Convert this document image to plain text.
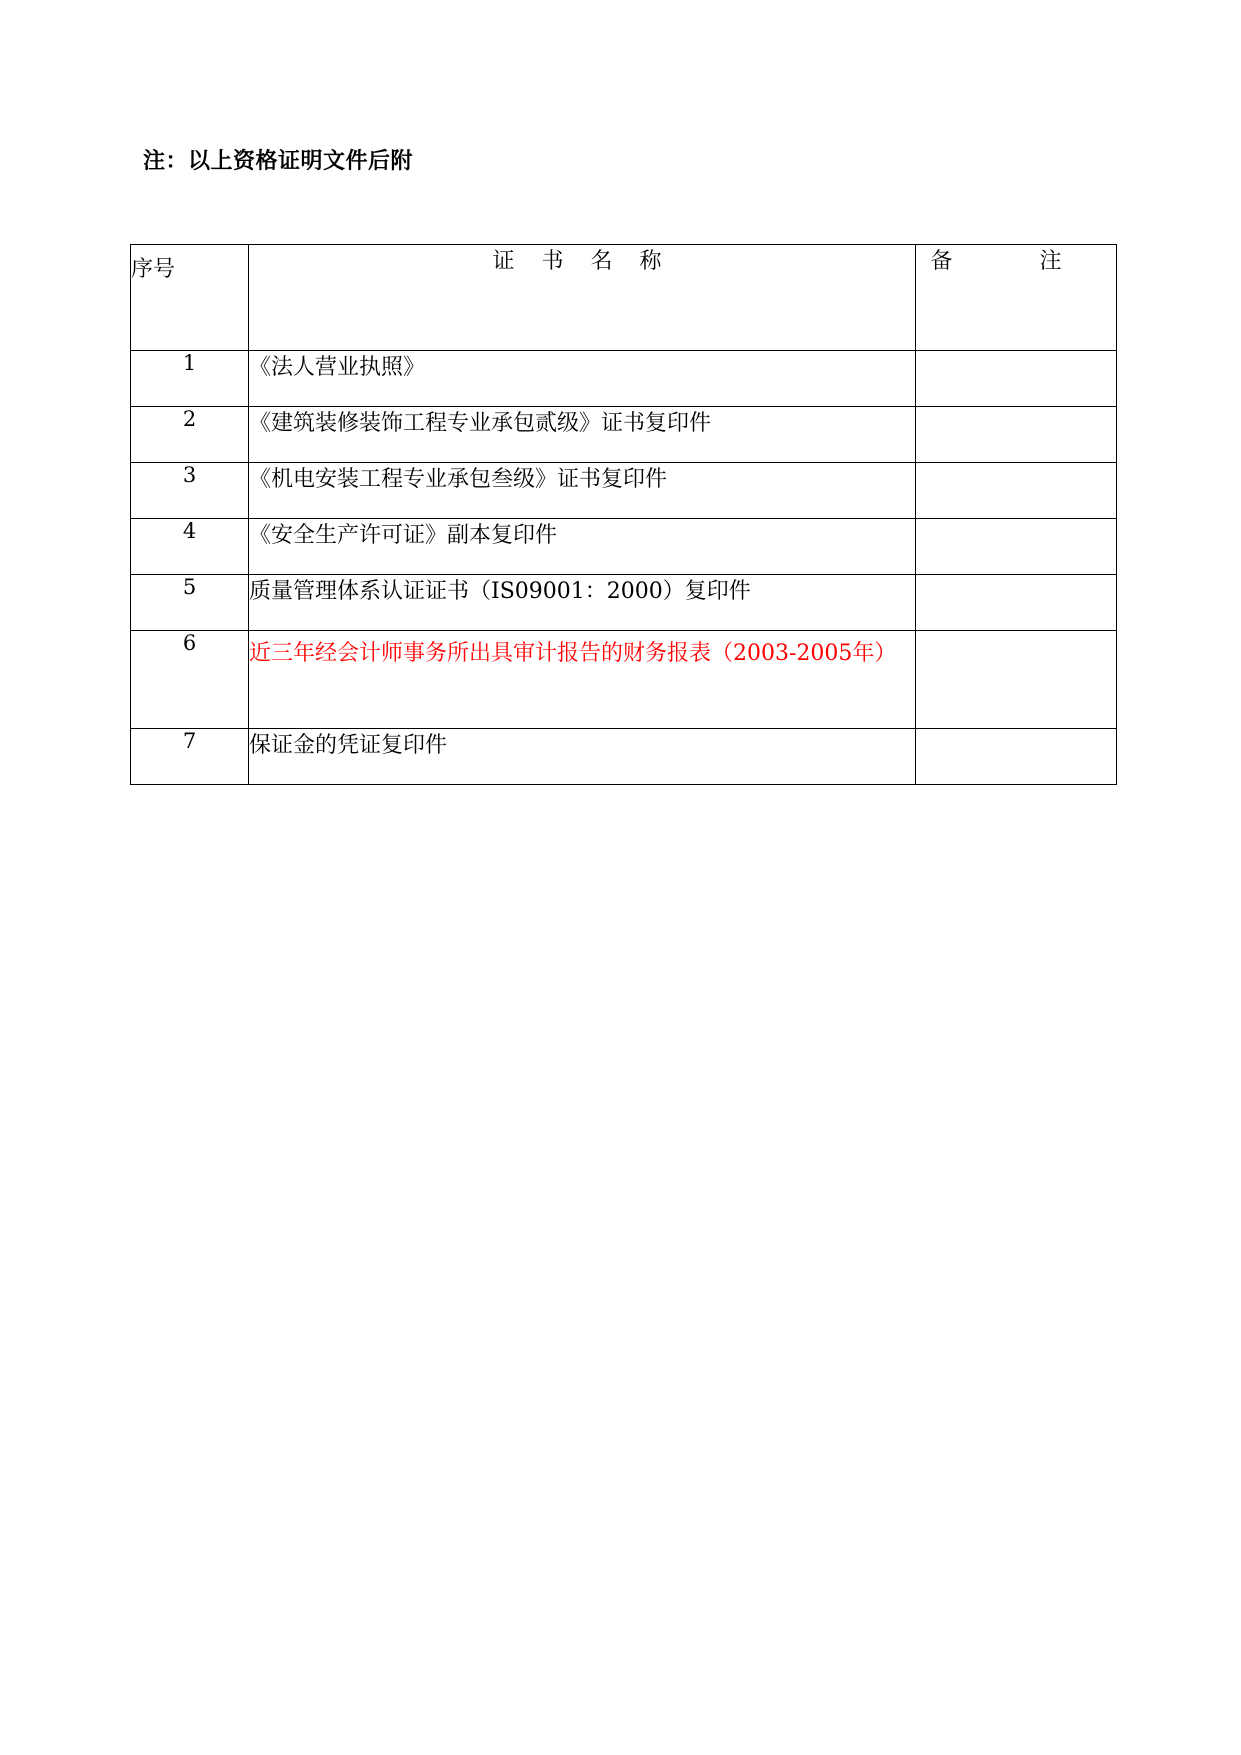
注：以上资格证明文件后附
序号	证 书 名 称	备 注
1	《法人营业执照》	
2	《建筑装修装饰工程专业承包贰级》证书复印件	
3	《机电安装工程专业承包叁级》证书复印件	
4	《安全生产许可证》副本复印件	
5	质量管理体系认证证书（IS09001：2000）复印件	
6	近三年经会计师事务所出具审计报告的财务报表（2003-2005年）	
7	保证金的凭证复印件	
